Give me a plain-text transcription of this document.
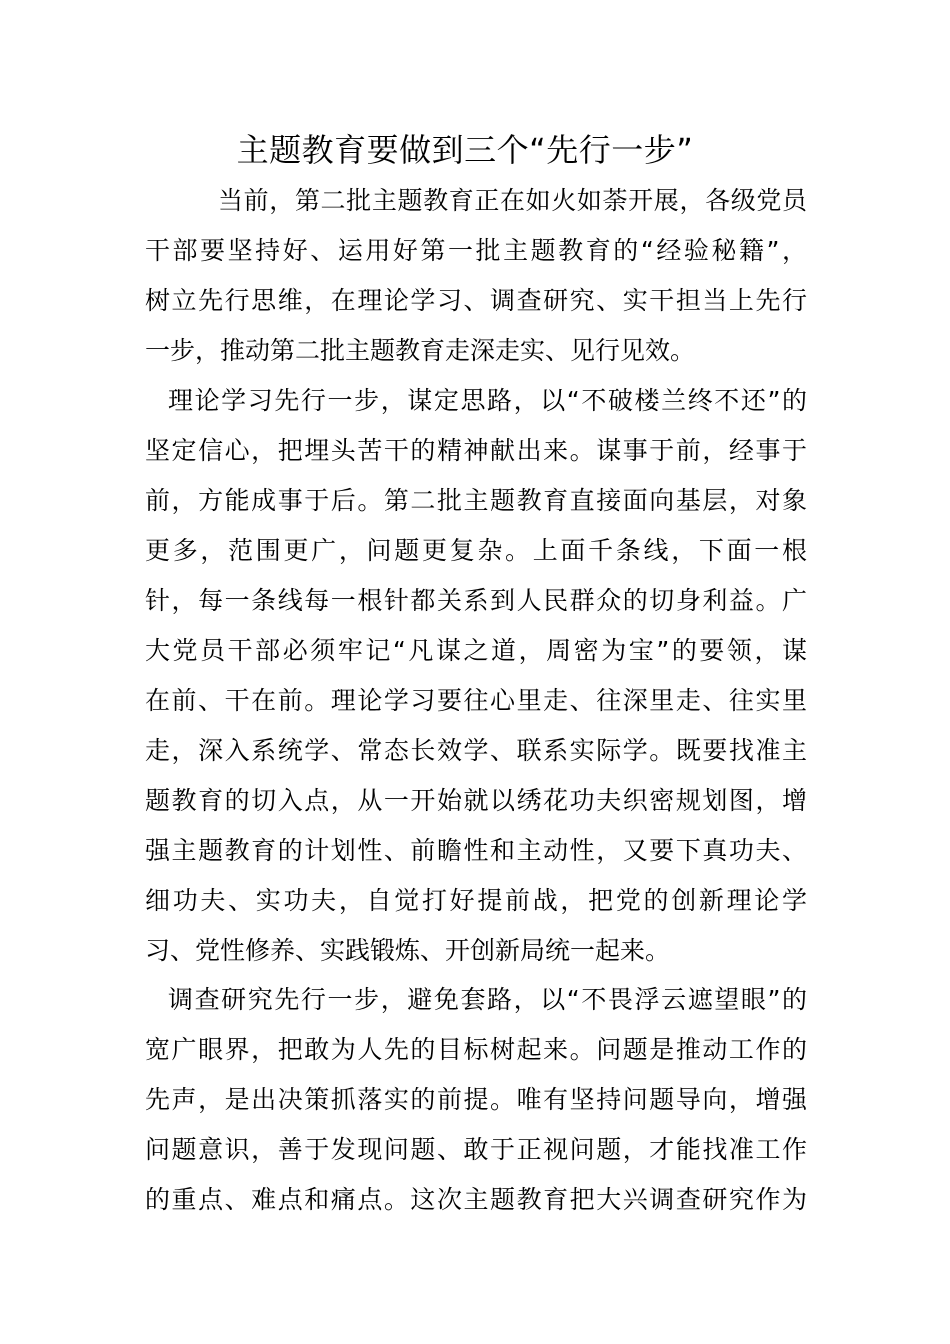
主题教育要做到三个“先行一步”
当前，第二批主题教育正在如火如荼开展，各级党员
干部要坚持好、运用好第一批主题教育的“经验秘籍”，
树立先行思维，在理论学习、调查研究、实干担当上先行
一步，推动第二批主题教育走深走实、见行见效。
理论学习先行一步，谋定思路，以“不破楼兰终不还”的
坚定信心，把埋头苦干的精神献出来。谋事于前，经事于
前，方能成事于后。第二批主题教育直接面向基层，对象
更多，范围更广，问题更复杂。上面千条线，下面一根
针，每一条线每一根针都关系到人民群众的切身利益。广
大党员干部必须牢记“凡谋之道，周密为宝”的要领，谋
在前、干在前。理论学习要往心里走、往深里走、往实里
走，深入系统学、常态长效学、联系实际学。既要找准主
题教育的切入点，从一开始就以绣花功夫织密规划图，增
强主题教育的计划性、前瞻性和主动性，又要下真功夫、
细功夫、实功夫，自觉打好提前战，把党的创新理论学
习、党性修养、实践锻炼、开创新局统一起来。
调查研究先行一步，避免套路，以“不畏浮云遮望眼”的
宽广眼界，把敢为人先的目标树起来。问题是推动工作的
先声，是出决策抓落实的前提。唯有坚持问题导向，增强
问题意识，善于发现问题、敢于正视问题，才能找准工作
的重点、难点和痛点。这次主题教育把大兴调查研究作为
